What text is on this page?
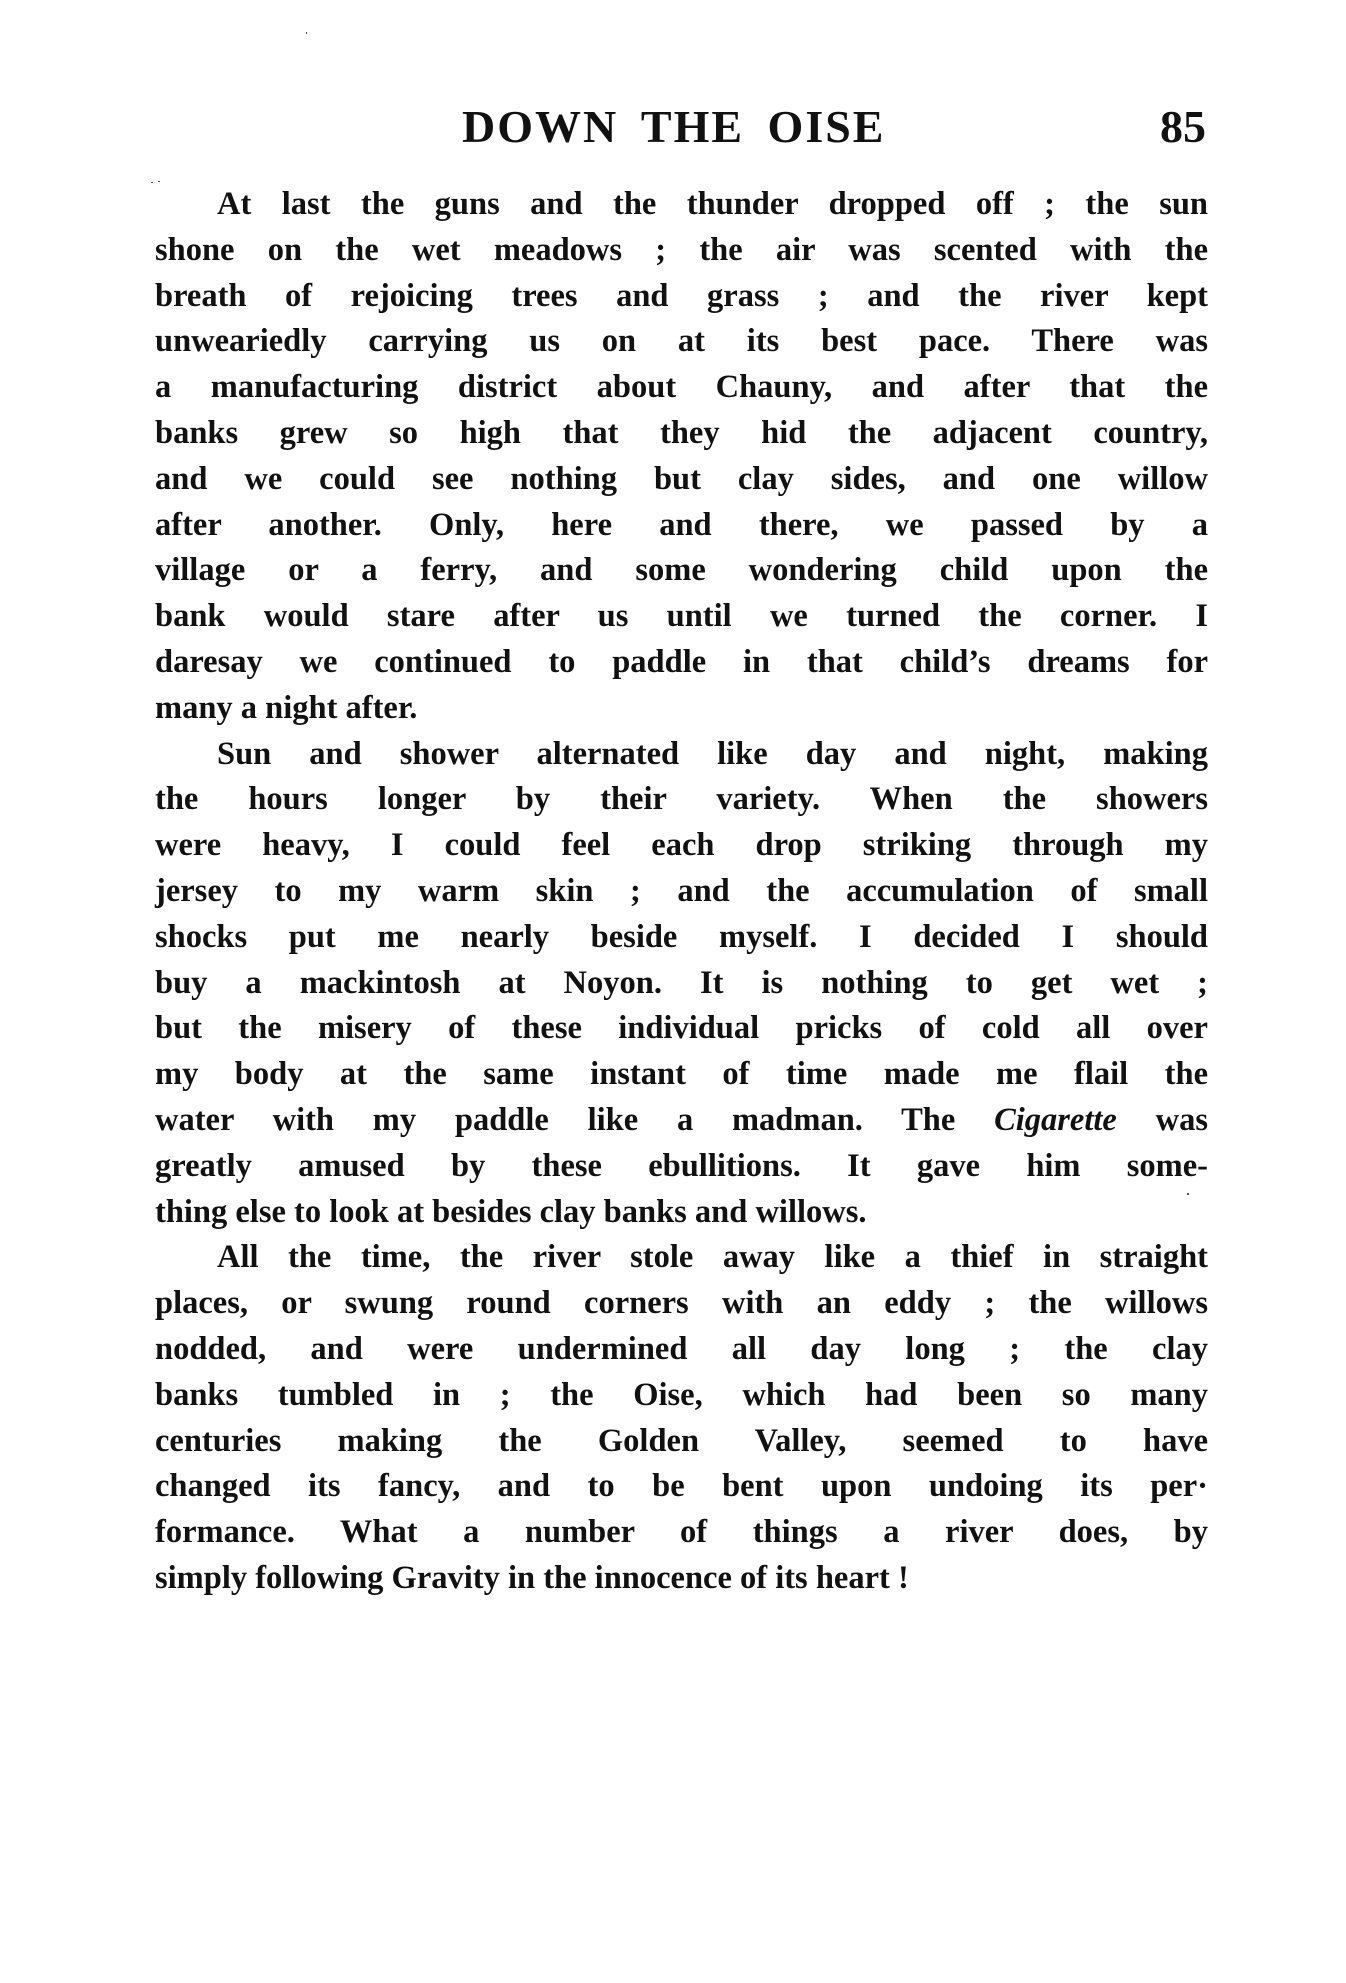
DOWN THE OISE	85
At last the guns and the thunder dropped off ; the sun
shone on the wet meadows ; the air was scented with the
breath of rejoicing trees and grass ; and the river kept
unweariedly carrying us on at its best pace. There was
a manufacturing district about Chauny, and after that the
banks grew so high that they hid the adjacent country,
and we could see nothing but clay sides, and one willow
after another. Only, here and there, we passed by a
village or a ferry, and some wondering child upon the
bank would stare after us until we turned the corner. I
daresay we continued to paddle in that child’s dreams for
many a night after.
Sun and shower alternated like day and night, making
the hours longer by their variety. When the showers
were heavy, I could feel each drop striking through my
jersey to my warm skin ; and the accumulation of small
shocks put me nearly beside myself. I decided I should
buy a mackintosh at Noyon. It is nothing to get wet ;
but the misery of these individual pricks of cold all over
my body at the same instant of time made me flail the
water with my paddle like a madman. The Cigarette was
greatly amused by these ebullitions. It gave him some-
thing else to look at besides clay banks and willows.
All the time, the river stole away like a thief in straight
places, or swung round corners with an eddy ; the willows
nodded, and were undermined all day long ; the clay
banks tumbled in ; the Oise, which had been so many
centuries making the Golden Valley, seemed to have
changed its fancy, and to be bent upon undoing its per·
formance. What a number of things a river does, by
simply following Gravity in the innocence of its heart !
